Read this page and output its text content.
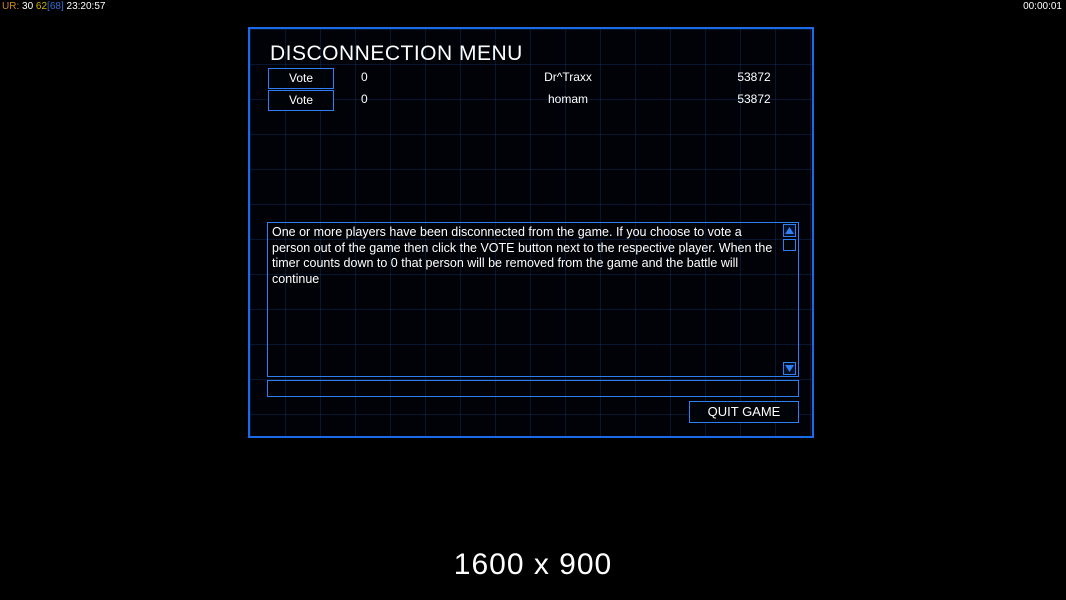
UR: 30 62[68] 23:20:57	00:00:01
DISCONNECTION MENU
Vote	0	Dr^Traxx	53872
Vote	0	homam	53872
One or more players have been disconnected from the game. If you choose to vote a person out of the game then click the VOTE button next to the respective player. When the timer counts down to 0 that person will be removed from the game and the battle will continue
QUIT GAME
1600 x 900
